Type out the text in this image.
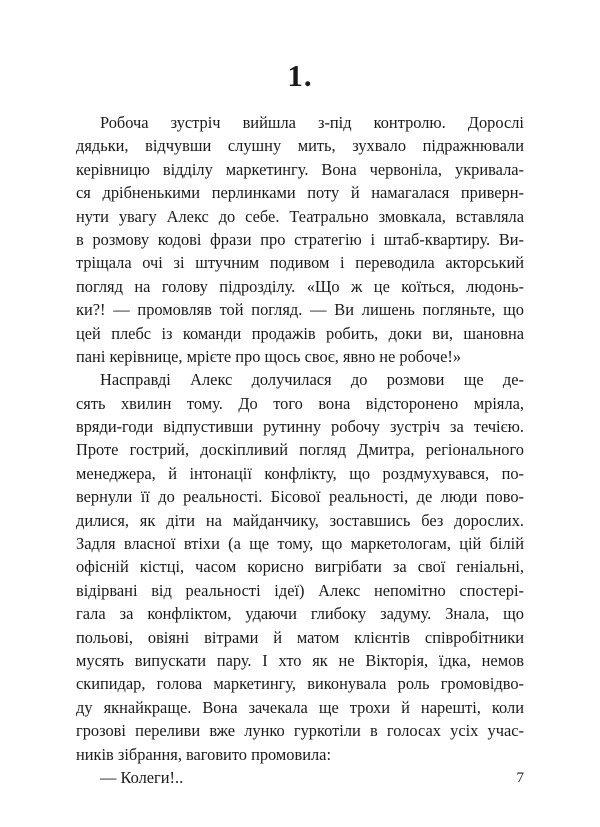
1.
Робоча зустріч вийшла з-під контролю. Дорослі
дядьки, відчувши слушну мить, зухвало підрaжнювали
керівницю відділу маркетингу. Вона червоніла, укривала-
ся дрібненькими перлинками поту й намагалася приверн-
нути увагу Алекс до себе. Театрально змовкала, вставляла
в розмову кодові фрази про стратегію і штаб-квартиру. Ви-
тріщала очі зі штучним подивом і переводила акторський
погляд на голову підрозділу. «Що ж це коїться, людонь-
ки?! — промовляв той погляд. — Ви лишень погляньте, що
цей плебс із команди продажів робить, доки ви, шановна
пані керівнице, мрієте про щось своє, явно не робоче!»
Насправді Алекс долучилася до розмови ще де-
сять хвилин тому. До того вона відсторонено мріяла,
вряди-годи відпустивши рутинну робочу зустріч за течією.
Проте гострий, доскіпливий погляд Дмитра, регіонального
менеджера, й інтонації конфлікту, що роздмухувався, по-
вернули її до реальності. Бісової реальності, де люди пово-
дилися, як діти на майданчику, зоставшись без дорослих.
Задля власної втіхи (а ще тому, що маркетологам, цій білій
офісній кістці, часом корисно вигрібати за свої геніальні,
відірвані від реальності ідеї) Алекс непомітно спостері-
гала за конфліктом, удаючи глибоку задуму. Знала, що
польові, овіяні вітрами й матом клієнтів співробітники
мусять випускати пару. І хто як не Вікторія, їдка, немов
скипидар, голова маркетингу, виконувала роль громовідво-
ду якнайкраще. Вона зачекала ще трохи й нарешті, коли
грозові переливи вже лунко гуркотіли в голосах усіх учас-
ників зібрання, ваговито промовила:
— Колеги!..	7
